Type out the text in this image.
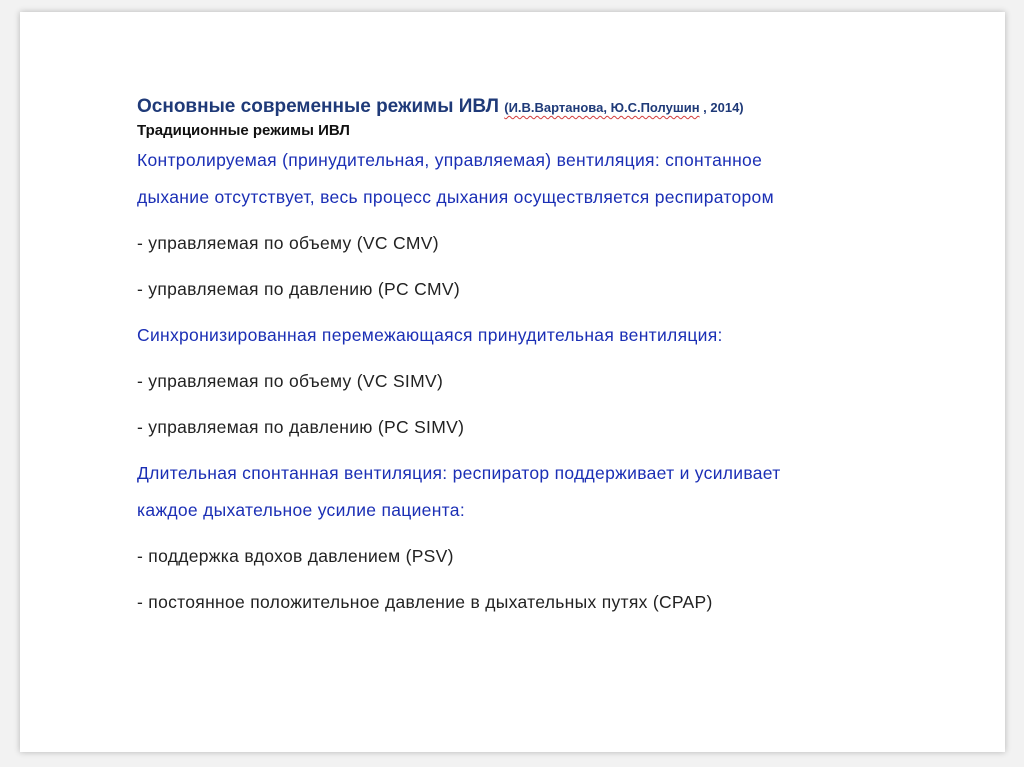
Основные современные режимы ИВЛ (И.В.Вартанова, Ю.С.Полушин , 2014)
Традиционные режимы ИВЛ
Контролируемая (принудительная, управляемая) вентиляция: спонтанное
дыхание отсутствует, весь процесс дыхания осуществляется респиратором
- управляемая по объему (VC CMV)
- управляемая по давлению (PC CMV)
Синхронизированная перемежающаяся принудительная вентиляция:
- управляемая по объему (VC SIMV)
- управляемая по давлению (PC SIMV)
Длительная спонтанная вентиляция: респиратор поддерживает и усиливает
каждое дыхательное усилие пациента:
- поддержка вдохов давлением (PSV)
- постоянное положительное давление в дыхательных путях (CPAP)
